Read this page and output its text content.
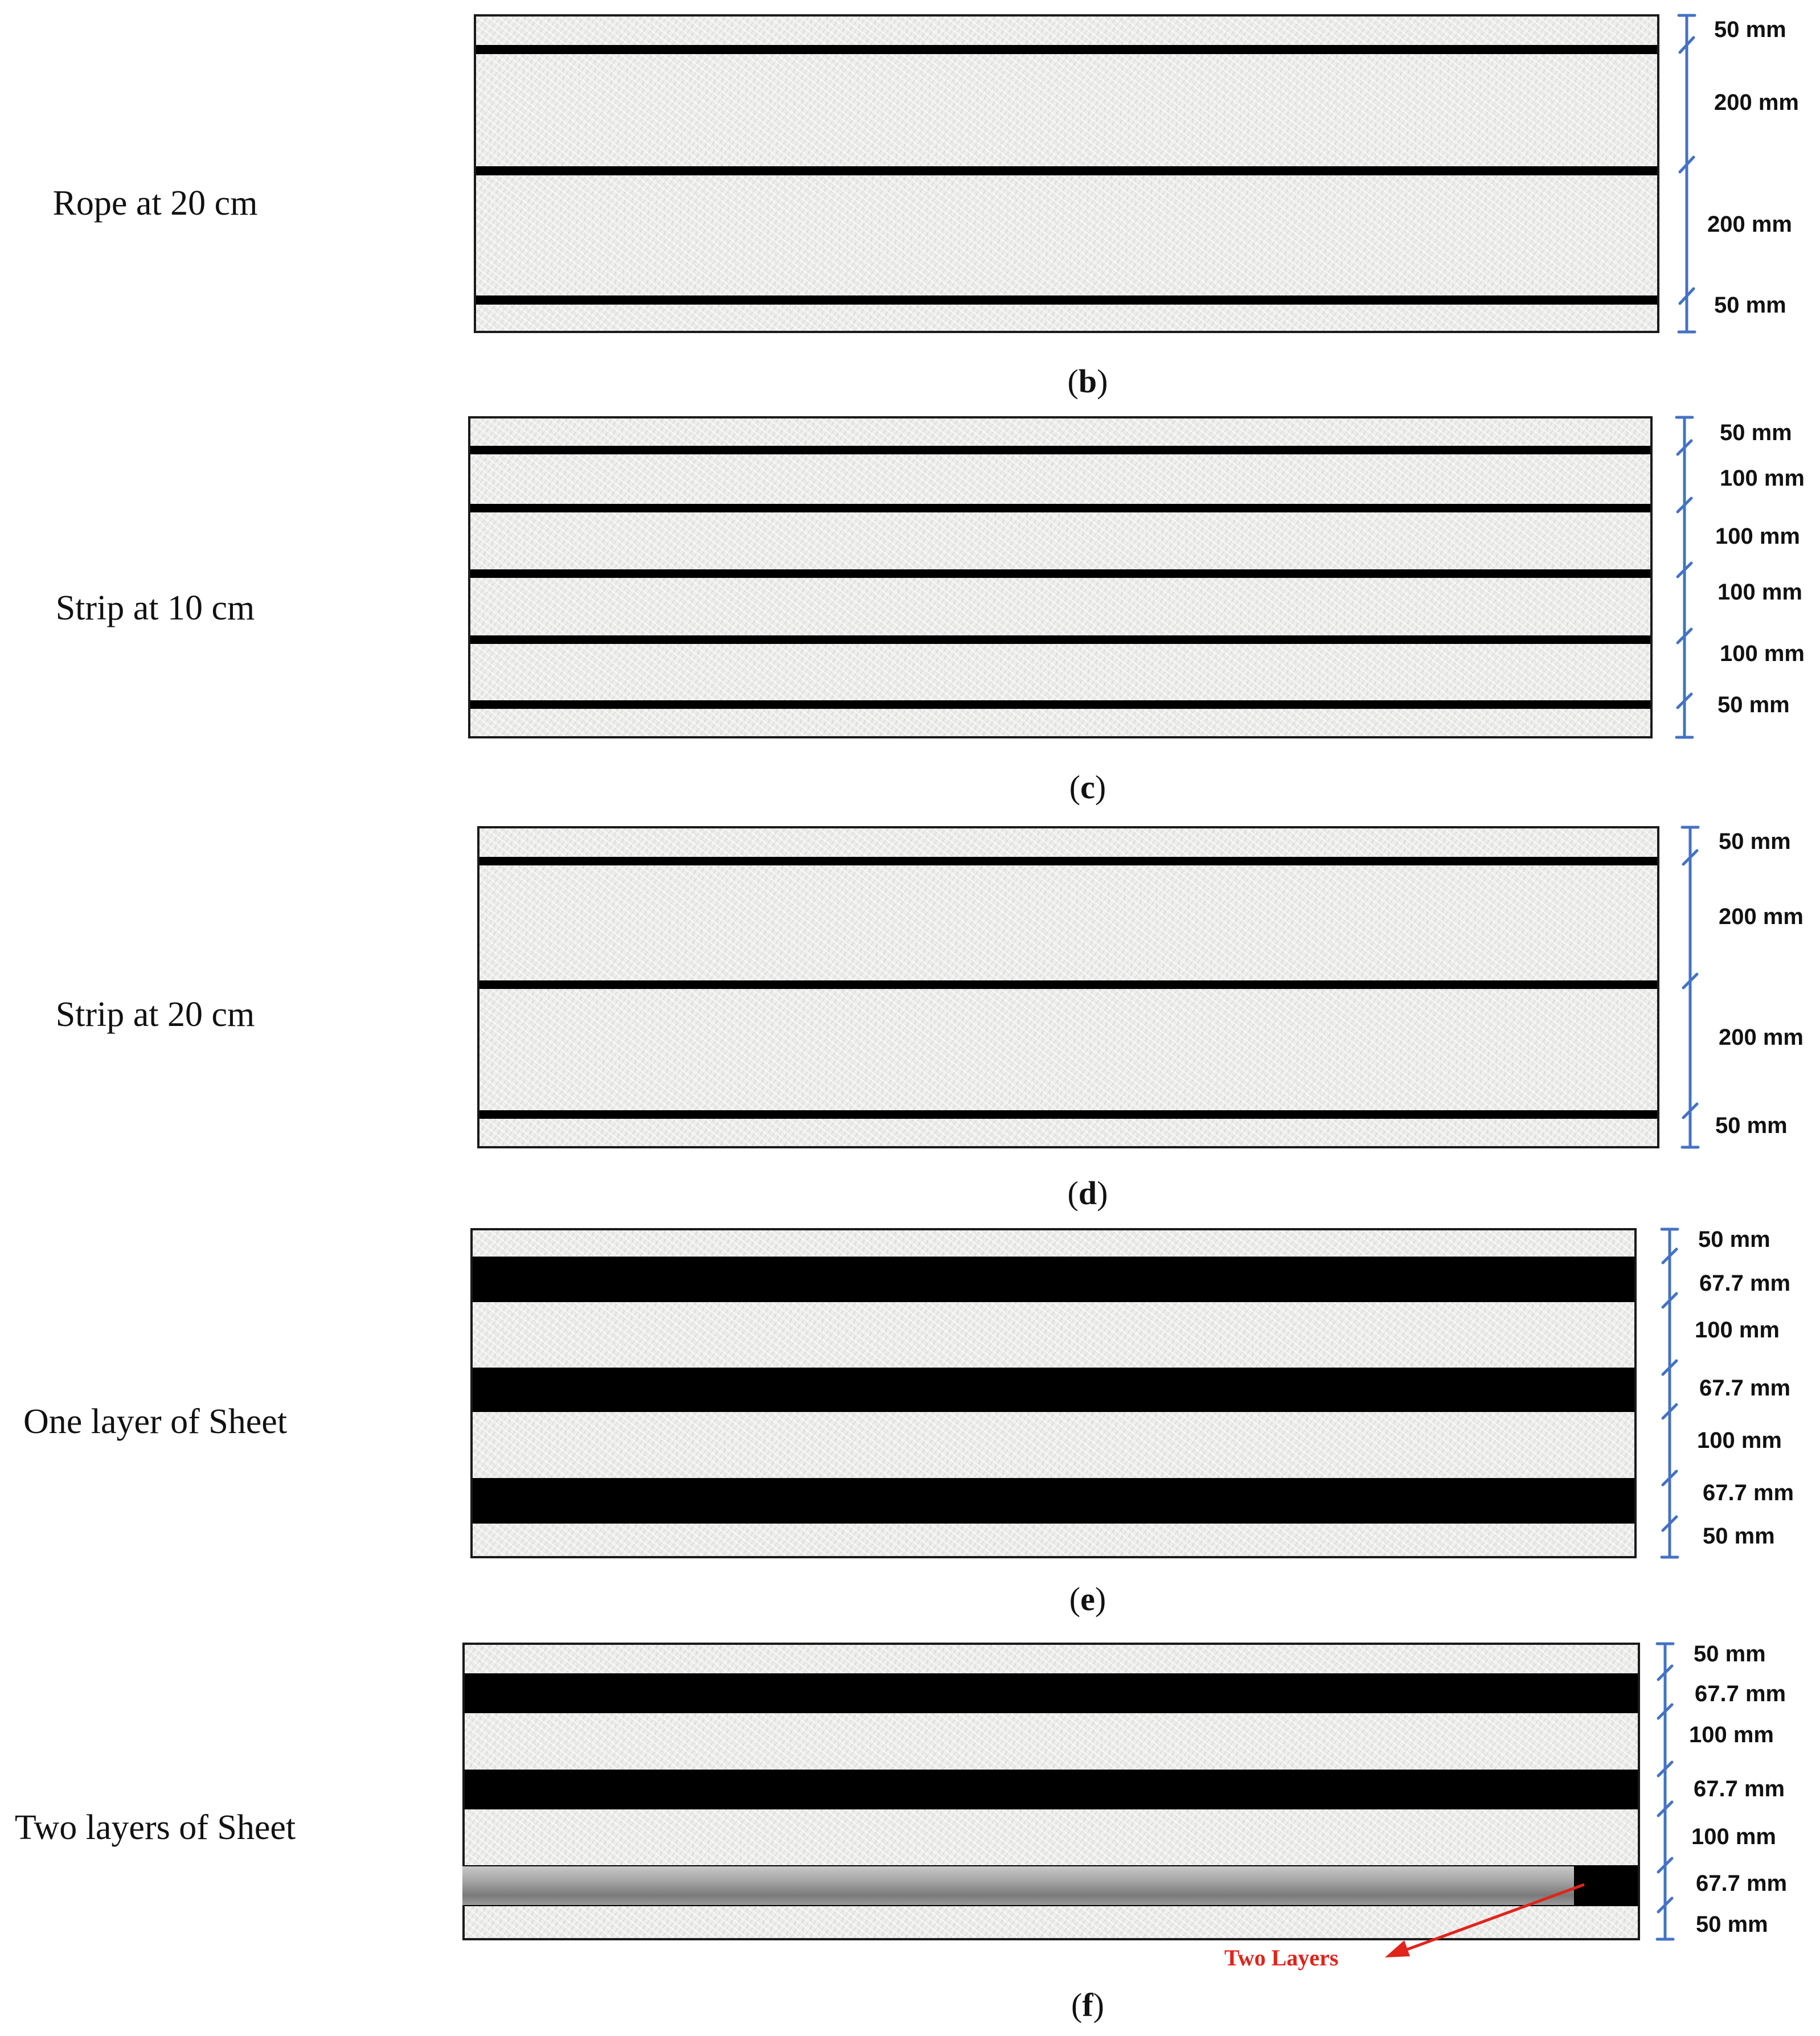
Rope at 20 cm
Strip at 10 cm
Strip at 20 cm
One layer of Sheet
Two layers of Sheet
(b)
(c)
(d)
(e)
(f)
50 mm
200 mm
200 mm
50 mm
50 mm
100 mm
100 mm
100 mm
100 mm
50 mm
50 mm
200 mm
200 mm
50 mm
50 mm
67.7 mm
100 mm
67.7 mm
100 mm
67.7 mm
50 mm
50 mm
67.7 mm
100 mm
67.7 mm
100 mm
67.7 mm
50 mm
Two Layers
